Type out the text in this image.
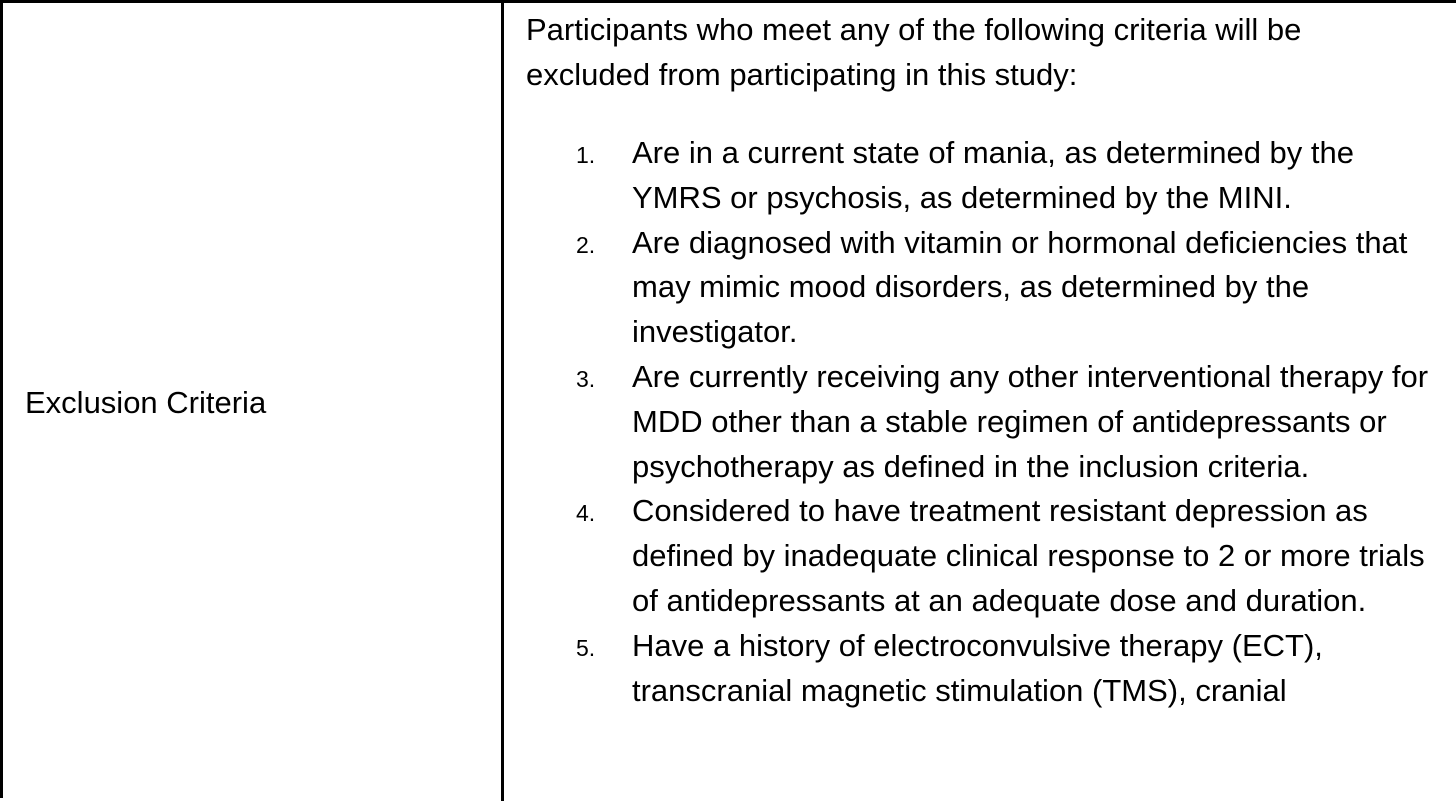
Exclusion Criteria
Participants who meet any of the following criteria will be excluded from participating in this study:
1.	Are in a current state of mania, as determined by the YMRS or psychosis, as determined by the MINI.
2.	Are diagnosed with vitamin or hormonal deficiencies that may mimic mood disorders, as determined by the investigator.
3.	Are currently receiving any other interventional therapy for MDD other than a stable regimen of antidepressants or psychotherapy as defined in the inclusion criteria.
4.	Considered to have treatment resistant depression as defined by inadequate clinical response to 2 or more trials of antidepressants at an adequate dose and duration.
5.	Have a history of electroconvulsive therapy (ECT), transcranial magnetic stimulation (TMS), cranial
